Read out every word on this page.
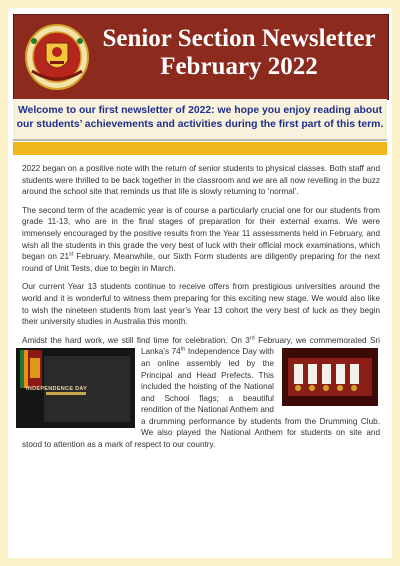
Senior Section Newsletter
February 2022
Welcome to our first newsletter of 2022: we hope you enjoy reading about our students’ achievements and activities during the first part of this term.

2022 began on a positive note with the return of senior students to physical classes. Both staff and students were thrilled to be back together in the classroom and we are all now revelling in the buzz around the school site that reminds us that life is slowly returning to ‘normal’.

The second term of the academic year is of course a particularly crucial one for our students from grade 11-13, who are in the final stages of preparation for their external exams. We were immensely encouraged by the positive results from the Year 11 assessments held in February, and wish all the students in this grade the very best of luck with their official mock examinations, which began on 21st February. Meanwhile, our Sixth Form students are diligently preparing for the next round of Unit Tests, due to begin in March.

Our current Year 13 students continue to receive offers from prestigious universities around the world and it is wonderful to witness them preparing for this exciting new stage. We would also like to wish the nineteen students from last year’s Year 13 cohort the very best of luck as they begin their university studies in Australia this month.

Amidst the hard work, we still find time for celebration. On 3rd February, we commemorated Sri Lanka’s 74th
INDEPENDENCE DAY
Independence Day with an online assembly led by the Principal and Head Prefects. This included the hoisting of the National and School flags; a beautiful rendition of the National Anthem and a drumming performance by students from the Drumming Club. We also played the National Anthem for students on site and stood to attention as a mark of respect to our country.
